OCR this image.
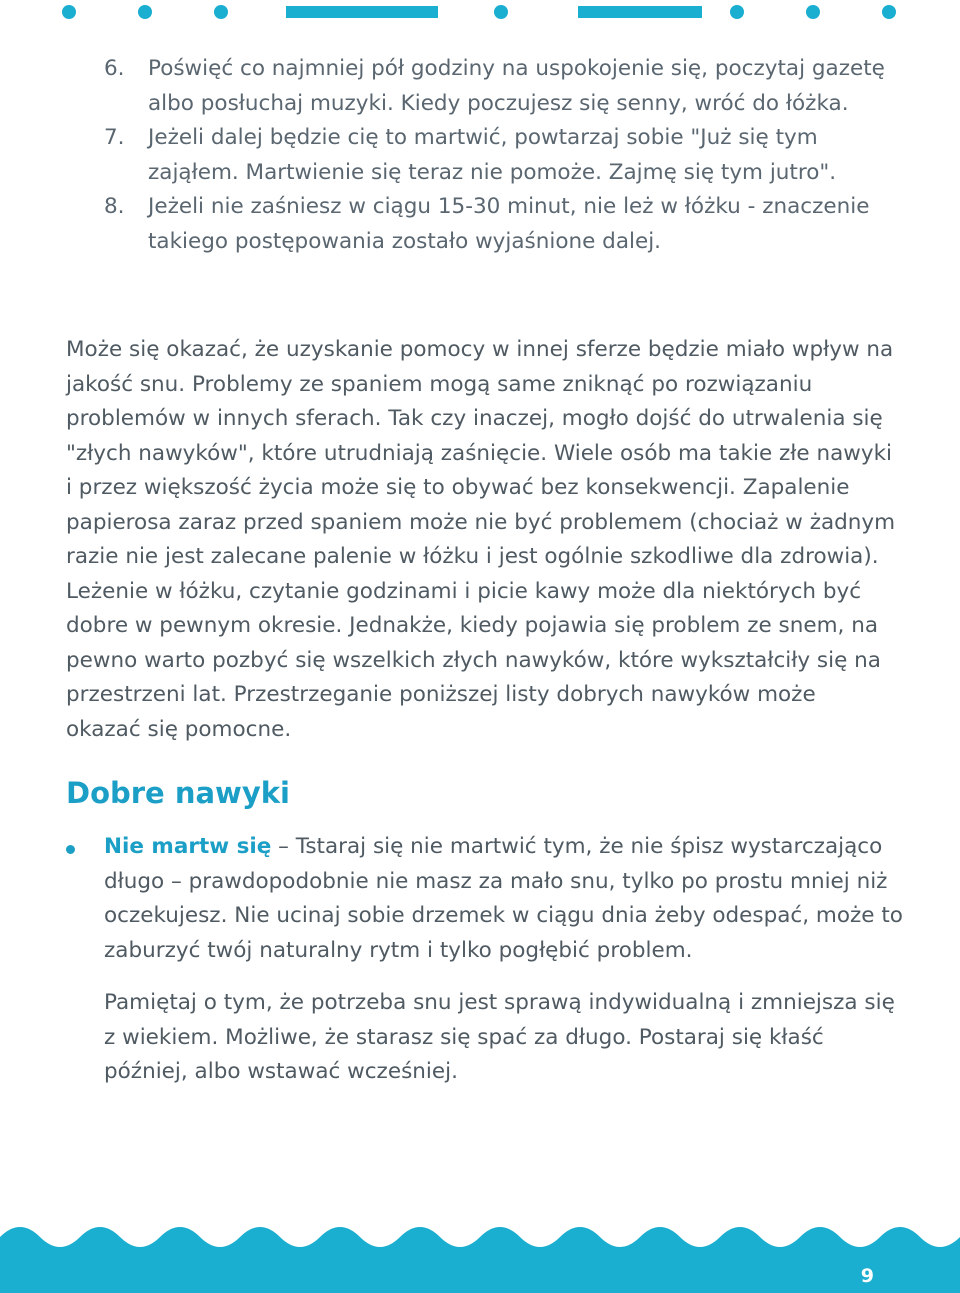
6.	Poświęć co najmniej pół godziny na uspokojenie się, poczytaj gazetę albo posłuchaj muzyki. Kiedy poczujesz się senny, wróć do łóżka.
7.	Jeżeli dalej będzie cię to martwić, powtarzaj sobie "Już się tym zająłem. Martwienie się teraz nie pomoże. Zajmę się tym jutro".
8.	Jeżeli nie zaśniesz w ciągu 15-30 minut, nie leż w łóżku - znaczenie takiego postępowania zostało wyjaśnione dalej.

Może się okazać, że uzyskanie pomocy w innej sferze będzie miało wpływ na jakość snu. Problemy ze spaniem mogą same zniknąć po rozwiązaniu problemów w innych sferach. Tak czy inaczej, mogło dojść do utrwalenia się "złych nawyków", które utrudniają zaśnięcie. Wiele osób ma takie złe nawyki i przez większość życia może się to obywać bez konsekwencji. Zapalenie papierosa zaraz przed spaniem może nie być problemem (chociaż w żadnym razie nie jest zalecane palenie w łóżku i jest ogólnie szkodliwe dla zdrowia). Leżenie w łóżku, czytanie godzinami i picie kawy może dla niektórych być dobre w pewnym okresie. Jednakże, kiedy pojawia się problem ze snem, na pewno warto pozbyć się wszelkich złych nawyków, które wykształciły się na przestrzeni lat. Przestrzeganie poniższej listy dobrych nawyków może okazać się pomocne.

Dobre nawyki

Nie martw się – Tstaraj się nie martwić tym, że nie śpisz wystarczająco długo – prawdopodobnie nie masz za mało snu, tylko po prostu mniej niż oczekujesz. Nie ucinaj sobie drzemek w ciągu dnia żeby odespać, może to zaburzyć twój naturalny rytm i tylko pogłębić problem.

Pamiętaj o tym, że potrzeba snu jest sprawą indywidualną i zmniejsza się z wiekiem. Możliwe, że starasz się spać za długo. Postaraj się kłaść później, albo wstawać wcześniej.

9
